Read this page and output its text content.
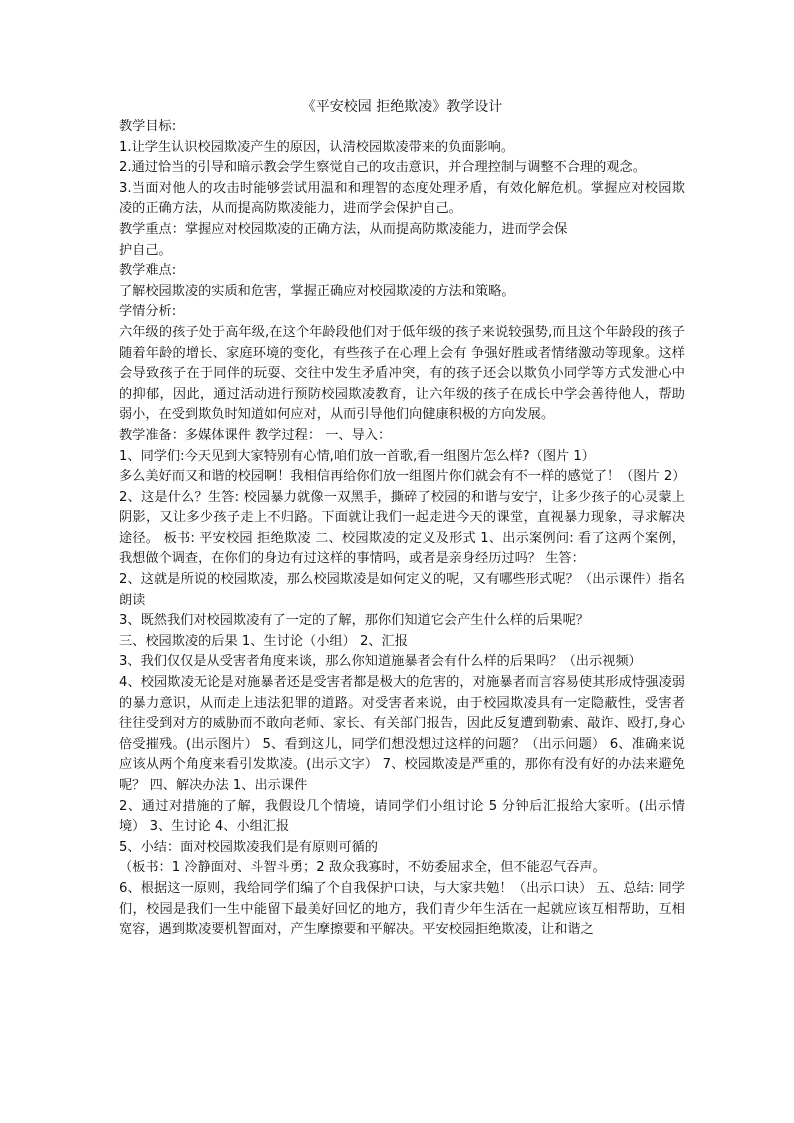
《平安校园 拒绝欺凌》教学设计

教学目标:

1.让学生认识校园欺凌产生的原因，认清校园欺凌带来的负面影响。

2.通过恰当的引导和暗示教会学生察觉自己的攻击意识，并合理控制与调整不合理的观念。

3.当面对他人的攻击时能够尝试用温和和理智的态度处理矛盾，有效化解危机。掌握应对校园欺凌的正确方法，从而提高防欺凌能力，进而学会保护自己。

教学重点：掌握应对校园欺凌的正确方法，从而提高防欺凌能力，进而学会保

护自己。

教学难点:

了解校园欺凌的实质和危害，掌握正确应对校园欺凌的方法和策略。

学情分析:

六年级的孩子处于高年级,在这个年龄段他们对于低年级的孩子来说较强势,而且这个年龄段的孩子随着年龄的增长、家庭环境的变化，有些孩子在心理上会有 争强好胜或者情绪激动等现象。这样会导致孩子在于同伴的玩耍、交往中发生矛盾冲突，有的孩子还会以欺负小同学等方式发泄心中的抑郁，因此，通过活动进行预防校园欺凌教育，让六年级的孩子在成长中学会善待他人，帮助弱小，在受到欺负时知道如何应对，从而引导他们向健康积极的方向发展。

教学准备：多媒体课件 教学过程： 一、导入：

1、同学们:今天见到大家特别有心情,咱们放一首歌,看一组图片怎么样?（图片 1）

多么美好而又和谐的校园啊！我相信再给你们放一组图片你们就会有不一样的感觉了！（图片 2）

2、这是什么？生答: 校园暴力就像一双黑手，撕碎了校园的和谐与安宁，让多少孩子的心灵蒙上阴影，又让多少孩子走上不归路。下面就让我们一起走进今天的课堂，直视暴力现象，寻求解决途径。 板书: 平安校园 拒绝欺凌 二、校园欺凌的定义及形式 1、出示案例问: 看了这两个案例，我想做个调查，在你们的身边有过这样的事情吗，或者是亲身经历过吗？ 生答：

2、这就是所说的校园欺凌，那么校园欺凌是如何定义的呢，又有哪些形式呢？（出示课件）指名朗读

3、既然我们对校园欺凌有了一定的了解，那你们知道它会产生什么样的后果呢？

三、校园欺凌的后果 1、生讨论（小组） 2、汇报

3、我们仅仅是从受害者角度来谈，那么你知道施暴者会有什么样的后果吗？（出示视频）

4、校园欺凌无论是对施暴者还是受害者都是极大的危害的，对施暴者而言容易使其形成恃强凌弱的暴力意识，从而走上违法犯罪的道路。对受害者来说，由于校园欺凌具有一定隐蔽性，受害者往往受到对方的威胁而不敢向老师、家长、有关部门报告，因此反复遭到勒索、敲诈、殴打,身心倍受摧残。(出示图片） 5、看到这儿，同学们想没想过这样的问题？（出示问题） 6、准确来说应该从两个角度来看引发欺凌。(出示文字） 7、校园欺凌是严重的，那你有没有好的办法来避免呢？ 四、解决办法 1、出示课件

2、通过对措施的了解，我假设几个情境，请同学们小组讨论 5 分钟后汇报给大家听。(出示情境） 3、生讨论 4、小组汇报

5、小结：面对校园欺凌我们是有原则可循的

（板书：1 冷静面对、斗智斗勇；2 敌众我寡时，不妨委屈求全，但不能忍气吞声。

6、根据这一原则，我给同学们编了个自我保护口诀，与大家共勉！（出示口诀） 五、总结: 同学们，校园是我们一生中能留下最美好回忆的地方，我们青少年生活在一起就应该互相帮助，互相宽容，遇到欺凌要机智面对，产生摩擦要和平解决。平安校园拒绝欺凌，让和谐之
